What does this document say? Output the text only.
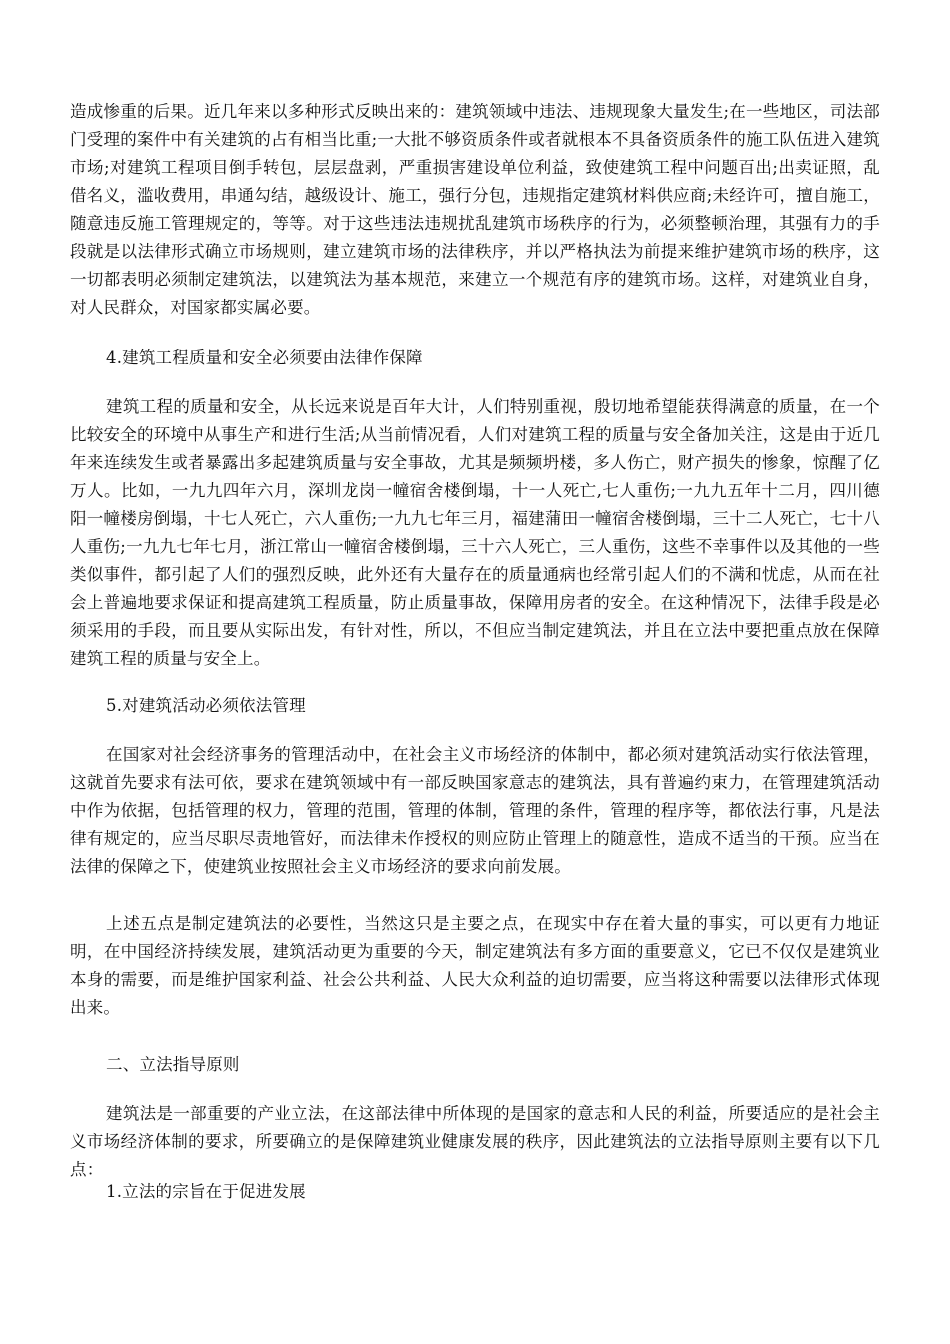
造成惨重的后果。近几年来以多种形式反映出来的：建筑领域中违法、违规现象大量发生;在一些地区，司法部门受理的案件中有关建筑的占有相当比重;一大批不够资质条件或者就根本不具备资质条件的施工队伍进入建筑市场;对建筑工程项目倒手转包，层层盘剥，严重损害建设单位利益，致使建筑工程中问题百出;出卖证照，乱借名义，滥收费用，串通勾结，越级设计、施工，强行分包，违规指定建筑材料供应商;未经许可，擅自施工，随意违反施工管理规定的，等等。对于这些违法违规扰乱建筑市场秩序的行为，必须整顿治理，其强有力的手段就是以法律形式确立市场规则，建立建筑市场的法律秩序，并以严格执法为前提来维护建筑市场的秩序，这一切都表明必须制定建筑法，以建筑法为基本规范，来建立一个规范有序的建筑市场。这样，对建筑业自身，对人民群众，对国家都实属必要。

4.建筑工程质量和安全必须要由法律作保障

建筑工程的质量和安全，从长远来说是百年大计，人们特别重视，殷切地希望能获得满意的质量，在一个比较安全的环境中从事生产和进行生活;从当前情况看，人们对建筑工程的质量与安全备加关注，这是由于近几年来连续发生或者暴露出多起建筑质量与安全事故，尤其是频频坍楼，多人伤亡，财产损失的惨象，惊醒了亿万人。比如，一九九四年六月，深圳龙岗一幢宿舍楼倒塌，十一人死亡,七人重伤;一九九五年十二月，四川德阳一幢楼房倒塌，十七人死亡，六人重伤;一九九七年三月，福建蒲田一幢宿舍楼倒塌，三十二人死亡，七十八人重伤;一九九七年七月，浙江常山一幢宿舍楼倒塌，三十六人死亡，三人重伤，这些不幸事件以及其他的一些类似事件，都引起了人们的强烈反映，此外还有大量存在的质量通病也经常引起人们的不满和忧虑，从而在社会上普遍地要求保证和提高建筑工程质量，防止质量事故，保障用房者的安全。在这种情况下，法律手段是必须采用的手段，而且要从实际出发，有针对性，所以，不但应当制定建筑法，并且在立法中要把重点放在保障建筑工程的质量与安全上。

5.对建筑活动必须依法管理

在国家对社会经济事务的管理活动中，在社会主义市场经济的体制中，都必须对建筑活动实行依法管理，这就首先要求有法可依，要求在建筑领域中有一部反映国家意志的建筑法，具有普遍约束力，在管理建筑活动中作为依据，包括管理的权力，管理的范围，管理的体制，管理的条件，管理的程序等，都依法行事，凡是法律有规定的，应当尽职尽责地管好，而法律未作授权的则应防止管理上的随意性，造成不适当的干预。应当在法律的保障之下，使建筑业按照社会主义市场经济的要求向前发展。

上述五点是制定建筑法的必要性，当然这只是主要之点，在现实中存在着大量的事实，可以更有力地证明，在中国经济持续发展，建筑活动更为重要的今天，制定建筑法有多方面的重要意义，它已不仅仅是建筑业本身的需要，而是维护国家利益、社会公共利益、人民大众利益的迫切需要，应当将这种需要以法律形式体现出来。

二、立法指导原则

建筑法是一部重要的产业立法，在这部法律中所体现的是国家的意志和人民的利益，所要适应的是社会主义市场经济体制的要求，所要确立的是保障建筑业健康发展的秩序，因此建筑法的立法指导原则主要有以下几点：

1.立法的宗旨在于促进发展
